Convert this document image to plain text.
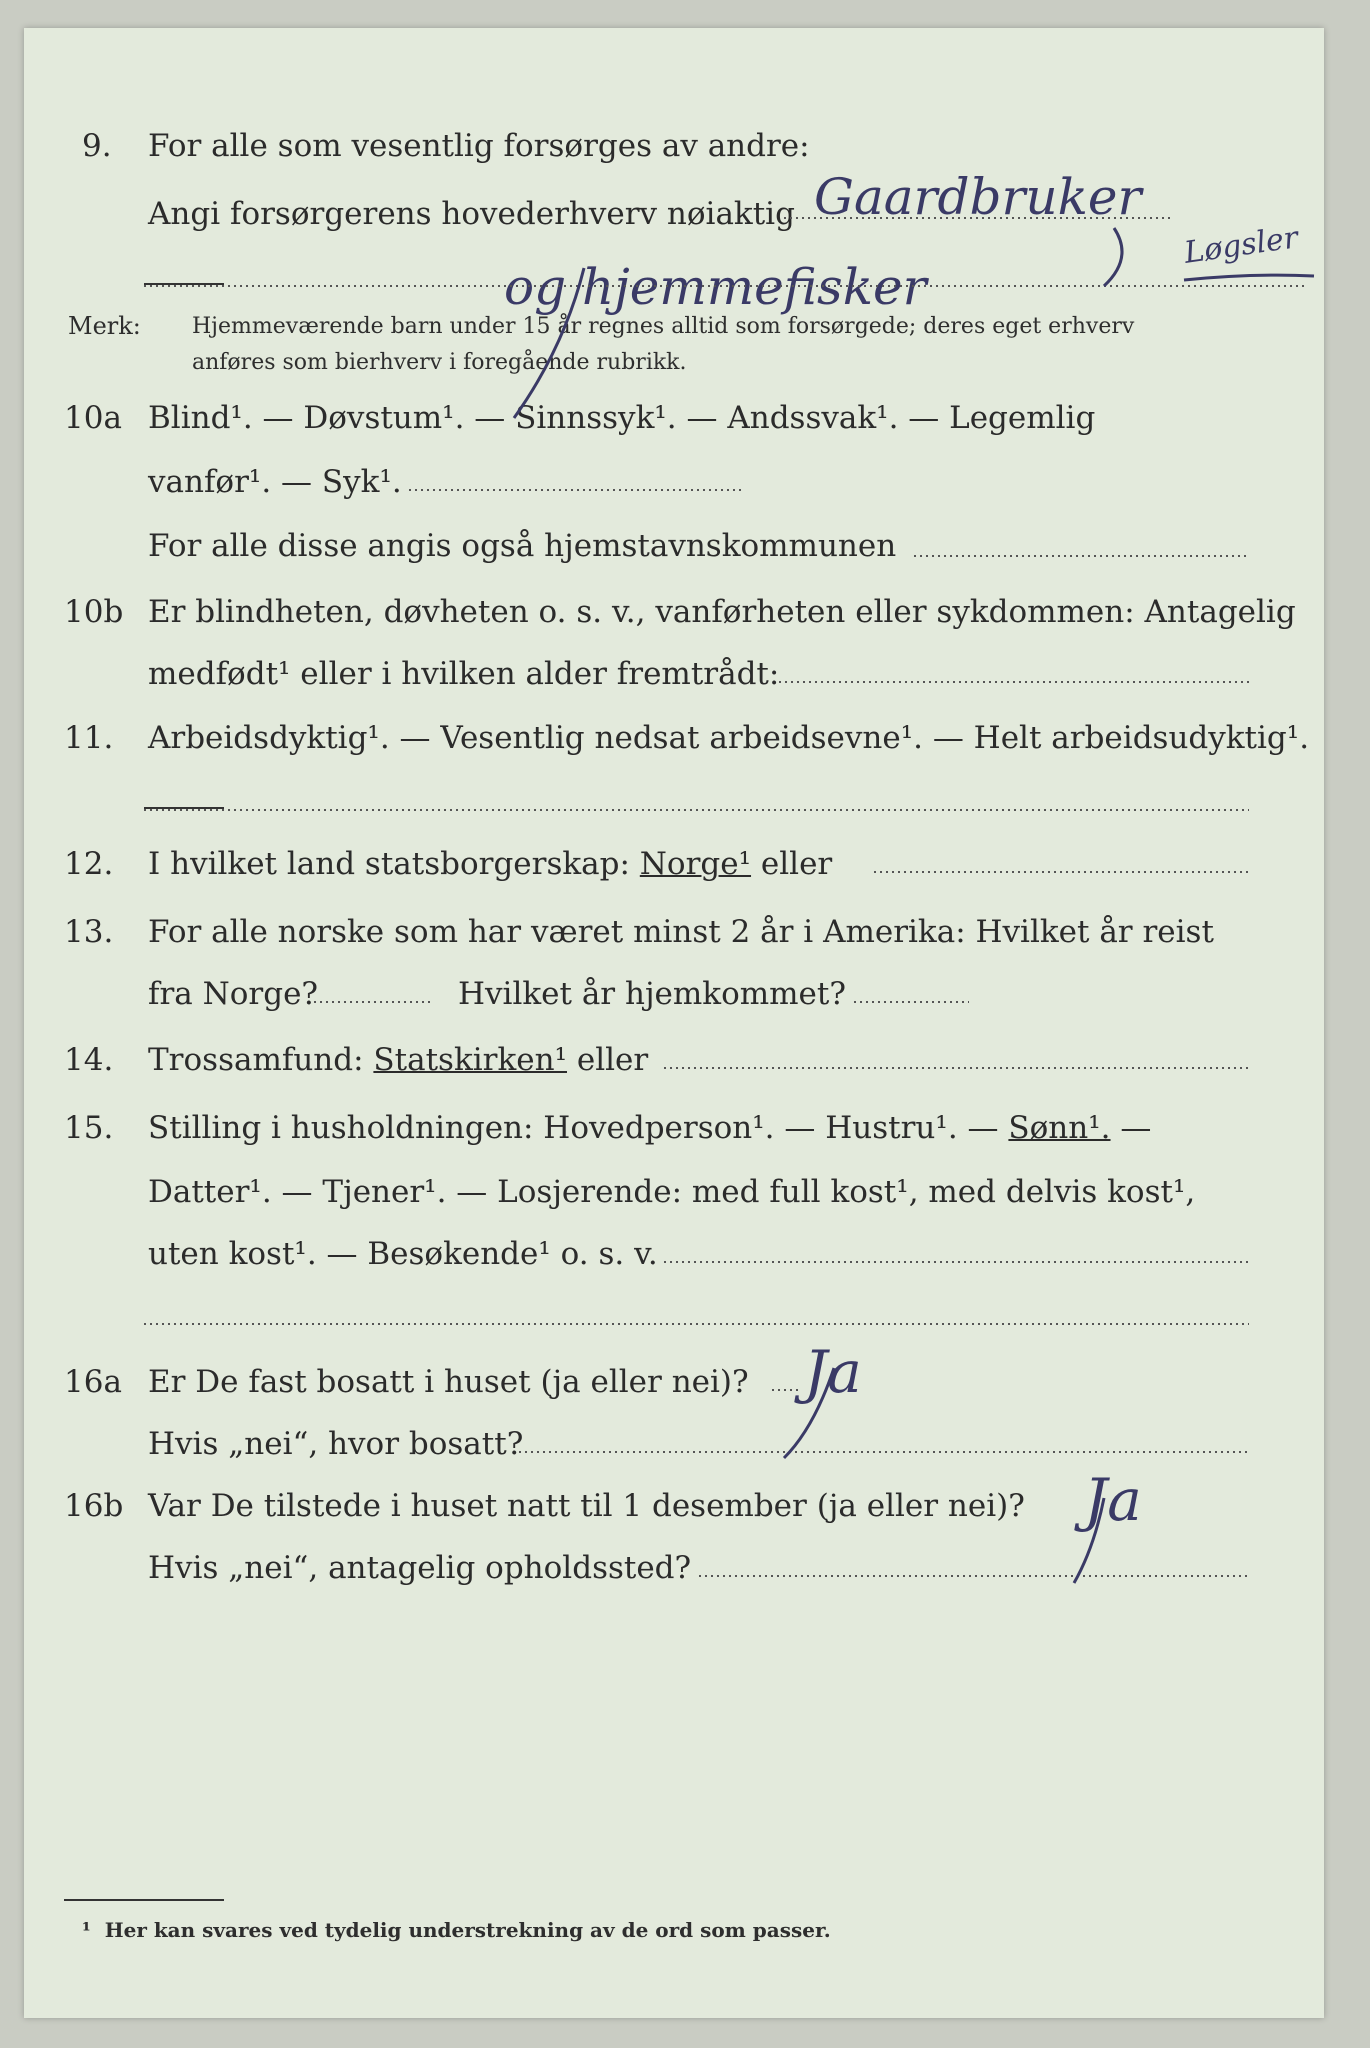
9. For alle som vesentlig forsørges av andre:
Angi forsørgerens hovederhverv nøiaktig Gaardbruker
Løgsler
og hjemmefisker
Merk: Hjemmeværende barn under 15 år regnes alltid som forsørgede; deres eget erhverv
anføres som bierhverv i foregående rubrikk.
10a Blind¹. — Døvstum¹. — Sinnssyk¹. — Andssvak¹. — Legemlig
vanfør¹. — Syk¹.
For alle disse angis også hjemstavnskommunen
10b Er blindheten, døvheten o. s. v., vanførheten eller sykdommen: Antagelig
medfødt¹ eller i hvilken alder fremtrådt:
11. Arbeidsdyktig¹. — Vesentlig nedsat arbeidsevne¹. — Helt arbeidsudyktig¹.
12. I hvilket land statsborgerskap: Norge¹ eller
13. For alle norske som har været minst 2 år i Amerika: Hvilket år reist
fra Norge?	Hvilket år hjemkommet?
14. Trossamfund: Statskirken¹ eller
15. Stilling i husholdningen: Hovedperson¹. — Hustru¹. — Sønn¹. —
Datter¹. — Tjener¹. — Losjerende: med full kost¹, med delvis kost¹,
uten kost¹. — Besøkende¹ o. s. v.
16a Er De fast bosatt i huset (ja eller nei)? Ja
Hvis „nei“, hvor bosatt?
16b Var De tilstede i huset natt til 1 desember (ja eller nei)? Ja
Hvis „nei“, antagelig opholdssted?
¹ Her kan svares ved tydelig understrekning av de ord som passer.
